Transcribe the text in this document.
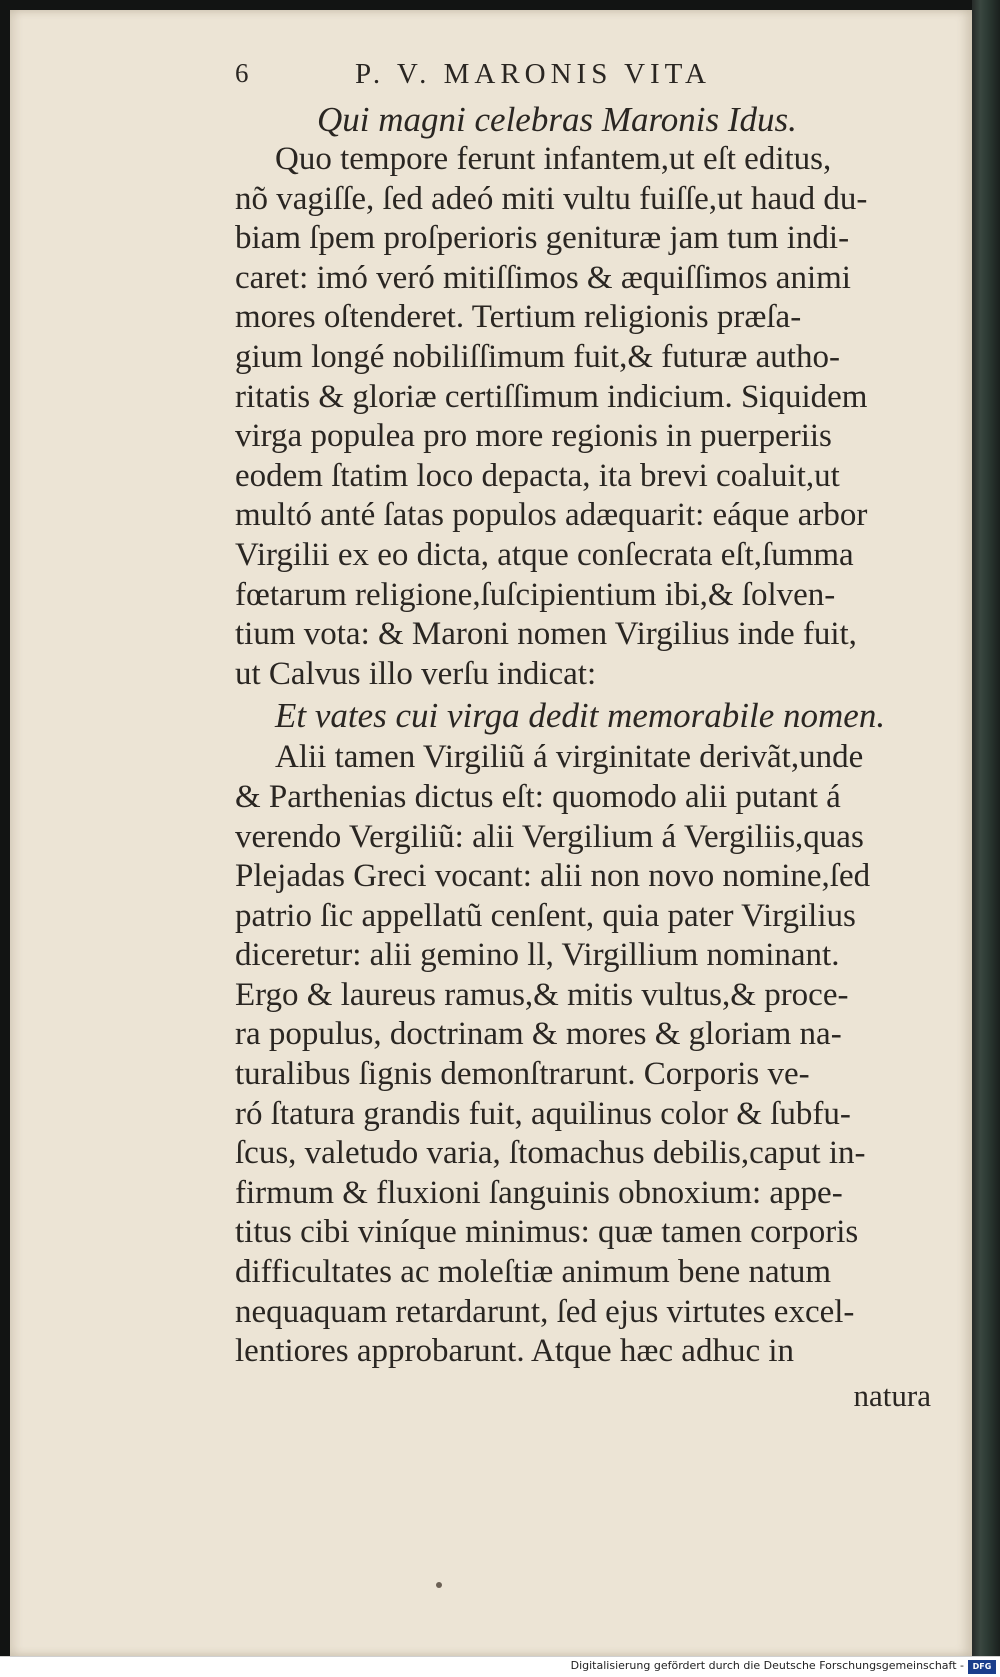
6	P. V. MARONIS VITA

Qui magni celebras Maronis Idus.

Quo tempore ferunt infantem,ut eſt editus,
nõ vagiſſe, ſed adeó miti vultu fuiſſe,ut haud du-
biam ſpem proſperioris genituræ jam tum indi-
caret: imó veró mitiſſimos & æquiſſimos animi
mores oſtenderet. Tertium religionis præſa-
gium longé nobiliſſimum fuit,& futuræ autho-
ritatis & gloriæ certiſſimum indicium. Siquidem
virga populea pro more regionis in puerperiis
eodem ſtatim loco depacta, ita brevi coaluit,ut
multó anté ſatas populos adæquarit: eáque arbor
Virgilii ex eo dicta, atque conſecrata eſt,ſumma
fœtarum religione,ſuſcipientium ibi,& ſolven-
tium vota: & Maroni nomen Virgilius inde fuit,
ut Calvus illo verſu indicat:

Et vates cui virga dedit memorabile nomen.

Alii tamen Virgiliũ á virginitate derivãt,unde
& Parthenias dictus eſt: quomodo alii putant á
verendo Vergiliũ: alii Vergilium á Vergiliis,quas
Plejadas Greci vocant: alii non novo nomine,ſed
patrio ſic appellatũ cenſent, quia pater Virgilius
diceretur: alii gemino ll, Virgillium nominant.
Ergo & laureus ramus,& mitis vultus,& proce-
ra populus, doctrinam & mores & gloriam na-
turalibus ſignis demonſtrarunt. Corporis ve-
ró ſtatura grandis fuit, aquilinus color & ſubfu-
ſcus, valetudo varia, ſtomachus debilis,caput in-
firmum & fluxioni ſanguinis obnoxium: appe-
titus cibi viníque minimus: quæ tamen corporis
difficultates ac moleſtiæ animum bene natum
nequaquam retardarunt, ſed ejus virtutes excel-
lentiores approbarunt. Atque hæc adhuc in

natura
Digitalisierung gefördert durch die Deutsche Forschungsgemeinschaft -	DFG
